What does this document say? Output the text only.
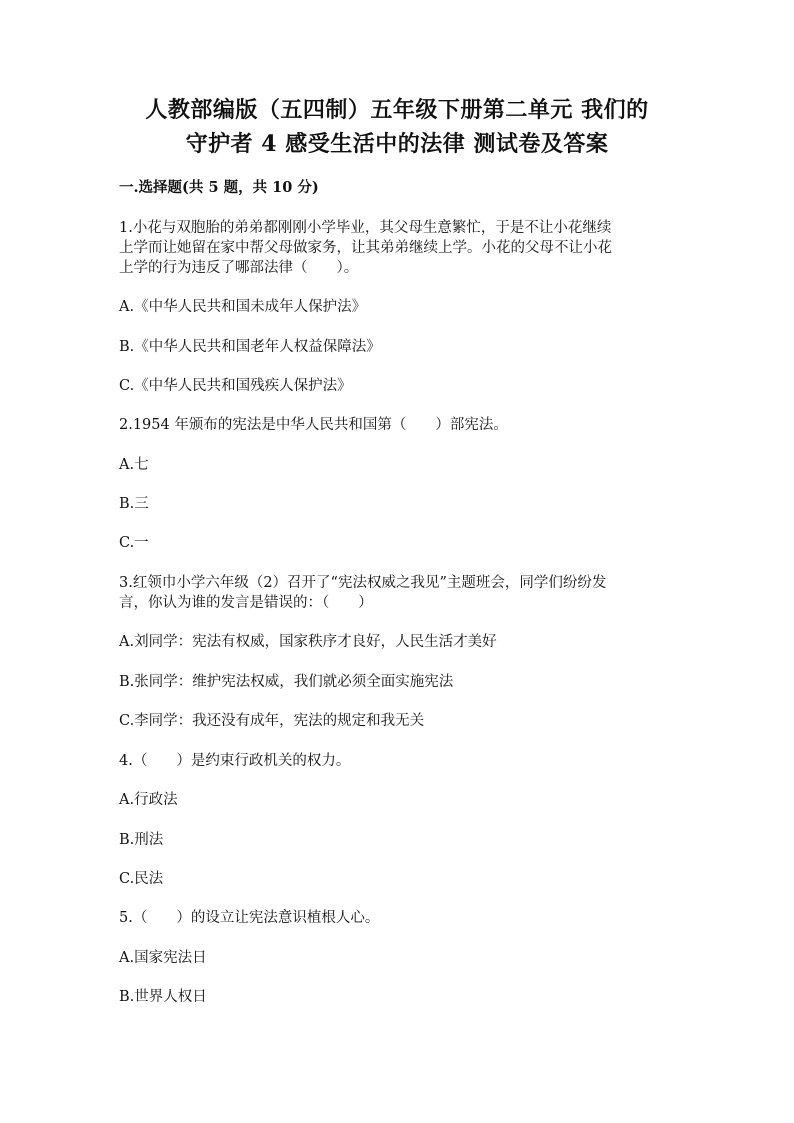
人教部编版（五四制）五年级下册第二单元 我们的
守护者 4 感受生活中的法律 测试卷及答案
一.选择题(共 5 题，共 10 分)
1.小花与双胞胎的弟弟都刚刚小学毕业，其父母生意繁忙，于是不让小花继续
上学而让她留在家中帮父母做家务，让其弟弟继续上学。小花的父母不让小花
上学的行为违反了哪部法律（　　）。
A.《中华人民共和国未成年人保护法》
B.《中华人民共和国老年人权益保障法》
C.《中华人民共和国残疾人保护法》
2.1954 年颁布的宪法是中华人民共和国第（　　）部宪法。
A.七
B.三
C.一
3.红领巾小学六年级（2）召开了“宪法权威之我见”主题班会，同学们纷纷发
言，你认为谁的发言是错误的：（　　）
A.刘同学：宪法有权威，国家秩序才良好，人民生活才美好
B.张同学：维护宪法权威，我们就必须全面实施宪法
C.李同学：我还没有成年，宪法的规定和我无关
4.（　　）是约束行政机关的权力。
A.行政法
B.刑法
C.民法
5.（　　）的设立让宪法意识植根人心。
A.国家宪法日
B.世界人权日
